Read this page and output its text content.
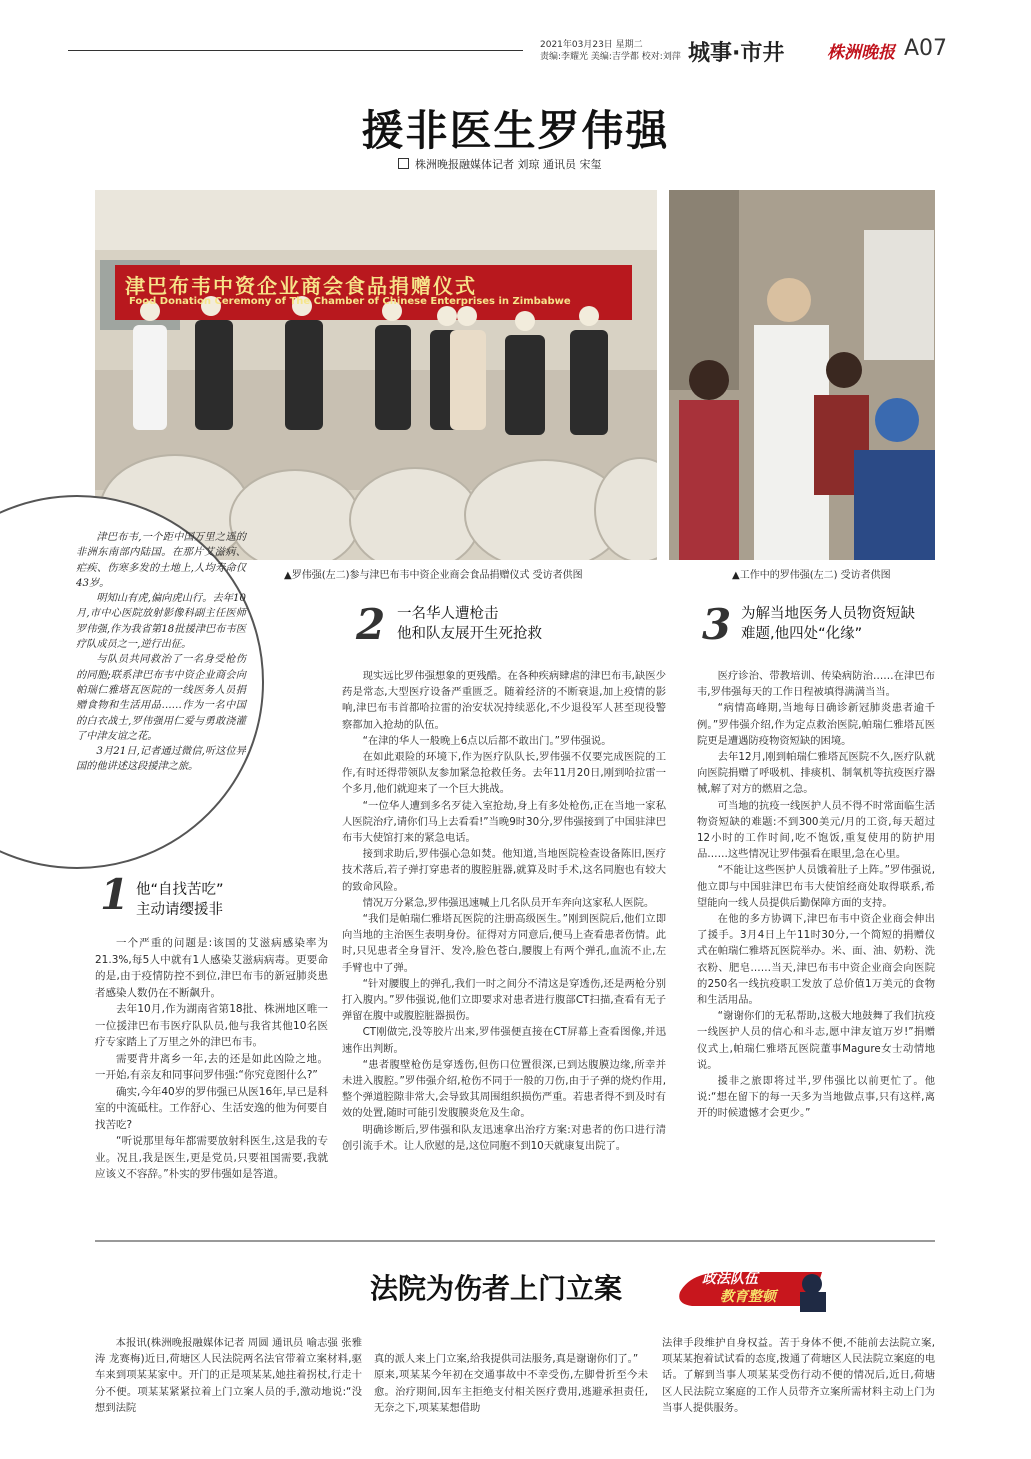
2021年03月23日 星期二
责编:李耀光 美编:吉学都 校对:刘萍 城事·市井	株洲晚报 A07
援非医生罗伟强
株洲晚报融媒体记者 刘琼 通讯员 宋玺
津巴布韦中资企业商会食品捐赠仪式
Food Donation Ceremony of The Chamber of Chinese Enterprises in Zimbabwe
▲罗伟强(左二)参与津巴布韦中资企业商会食品捐赠仪式 受访者供图	▲工作中的罗伟强(左二) 受访者供图

津巴布韦,一个距中国万里之遥的非洲东南部内陆国。在那片艾滋病、疟疾、伤寒多发的土地上,人均寿命仅43岁。

明知山有虎,偏向虎山行。去年10月,市中心医院放射影像科副主任医师罗伟强,作为我省第18批援津巴布韦医疗队成员之一,逆行出征。

与队员共同救治了一名身受枪伤的同胞;联系津巴布韦中资企业商会向帕瑞仁雅塔瓦医院的一线医务人员捐赠食物和生活用品……作为一名中国的白衣战士,罗伟强用仁爱与勇敢浇灌了中津友谊之花。

3月21日,记者通过微信,听这位异国的他讲述这段援津之旅。

1 他“自找苦吃”
主动请缨援非

一个严重的问题是:该国的艾滋病感染率为21.3%,每5人中就有1人感染艾滋病病毒。更要命的是,由于疫情防控不到位,津巴布韦的新冠肺炎患者感染人数仍在不断飙升。

去年10月,作为湖南省第18批、株洲地区唯一一位援津巴布韦医疗队队员,他与我省其他10名医疗专家踏上了万里之外的津巴布韦。

需要背井离乡一年,去的还是如此凶险之地。一开始,有亲友和同事问罗伟强:“你究竟图什么?”

确实,今年40岁的罗伟强已从医16年,早已是科室的中流砥柱。工作舒心、生活安逸的他为何要自找苦吃?

“听说那里每年都需要放射科医生,这是我的专业。况且,我是医生,更是党员,只要祖国需要,我就应该义不容辞。”朴实的罗伟强如是答道。

2 一名华人遭枪击
他和队友展开生死抢救

现实远比罗伟强想象的更残酷。在各种疾病肆虐的津巴布韦,缺医少药是常态,大型医疗设备严重匮乏。随着经济的不断衰退,加上疫情的影响,津巴布韦首都哈拉雷的治安状况持续恶化,不少退役军人甚至现役警察都加入抢劫的队伍。

“在津的华人一般晚上6点以后都不敢出门。”罗伟强说。

在如此艰险的环境下,作为医疗队队长,罗伟强不仅要完成医院的工作,有时还得带领队友参加紧急抢救任务。去年11月20日,刚到哈拉雷一个多月,他们就迎来了一个巨大挑战。

“一位华人遭到多名歹徒入室抢劫,身上有多处枪伤,正在当地一家私人医院治疗,请你们马上去看看!”当晚9时30分,罗伟强接到了中国驻津巴布韦大使馆打来的紧急电话。

接到求助后,罗伟强心急如焚。他知道,当地医院检查设备陈旧,医疗技术落后,若子弹打穿患者的腹腔脏器,就算及时手术,这名同胞也有较大的致命风险。

情况万分紧急,罗伟强迅速喊上几名队员开车奔向这家私人医院。

“我们是帕瑞仁雅塔瓦医院的注册高级医生。”刚到医院后,他们立即向当地的主治医生表明身份。征得对方同意后,便马上查看患者伤情。此时,只见患者全身冒汗、发冷,脸色苍白,腰腹上有两个弹孔,血流不止,左手臂也中了弹。

“针对腰腹上的弹孔,我们一时之间分不清这是穿透伤,还是两枪分别打入腹内。”罗伟强说,他们立即要求对患者进行腹部CT扫描,查看有无子弹留在腹中或腹腔脏器损伤。

CT刚做完,没等胶片出来,罗伟强便直接在CT屏幕上查看图像,并迅速作出判断。

“患者腹壁枪伤是穿透伤,但伤口位置很深,已到达腹膜边缘,所幸并未进入腹腔。”罗伟强介绍,枪伤不同于一般的刀伤,由于子弹的烧灼作用,整个弹道腔隙非常大,会导致其周围组织损伤严重。若患者得不到及时有效的处置,随时可能引发腹膜炎危及生命。

明确诊断后,罗伟强和队友迅速拿出治疗方案:对患者的伤口进行清创引流手术。让人欣慰的是,这位同胞不到10天就康复出院了。

3 为解当地医务人员物资短缺
难题,他四处“化缘”

医疗诊治、带教培训、传染病防治……在津巴布韦,罗伟强每天的工作日程被填得满满当当。

“病情高峰期,当地每日确诊新冠肺炎患者逾千例。”罗伟强介绍,作为定点救治医院,帕瑞仁雅塔瓦医院更是遭遇防疫物资短缺的困境。

去年12月,刚到帕瑞仁雅塔瓦医院不久,医疗队就向医院捐赠了呼吸机、排痰机、制氧机等抗疫医疗器械,解了对方的燃眉之急。

可当地的抗疫一线医护人员不得不时常面临生活物资短缺的难题:不到300美元/月的工资,每天超过12小时的工作时间,吃不饱饭,重复使用的防护用品……这些情况让罗伟强看在眼里,急在心里。

“不能让这些医护人员饿着肚子上阵。”罗伟强说,他立即与中国驻津巴布韦大使馆经商处取得联系,希望能向一线人员提供后勤保障方面的支持。

在他的多方协调下,津巴布韦中资企业商会伸出了援手。3月4日上午11时30分,一个简短的捐赠仪式在帕瑞仁雅塔瓦医院举办。米、面、油、奶粉、洗衣粉、肥皂……当天,津巴布韦中资企业商会向医院的250名一线抗疫职工发放了总价值1万美元的食物和生活用品。

“谢谢你们的无私帮助,这极大地鼓舞了我们抗疫一线医护人员的信心和斗志,愿中津友谊万岁!”捐赠仪式上,帕瑞仁雅塔瓦医院董事Magure女士动情地说。

援非之旅即将过半,罗伟强比以前更忙了。他说:“想在留下的每一天多为当地做点事,只有这样,离开的时候遗憾才会更少。”

法院为伤者上门立案	政法队伍
教育整顿

本报讯(株洲晚报融媒体记者 周圆 通讯员 喻志强 张雅涛 龙赛梅)近日,荷塘区人民法院两名法官带着立案材料,驱车来到项某某家中。开门的正是项某某,她拄着拐杖,行走十分不便。项某某紧紧拉着上门立案人员的手,激动地说:“没想到法院

真的派人来上门立案,给我提供司法服务,真是谢谢你们了。”
原来,项某某今年初在交通事故中不幸受伤,左脚骨折至今未愈。治疗期间,因车主拒绝支付相关医疗费用,逃避承担责任,无奈之下,项某某想借助

法律手段维护自身权益。苦于身体不便,不能前去法院立案,项某某抱着试试看的态度,拨通了荷塘区人民法院立案庭的电话。了解到当事人项某某受伤行动不便的情况后,近日,荷塘区人民法院立案庭的工作人员带齐立案所需材料主动上门为当事人提供服务。
